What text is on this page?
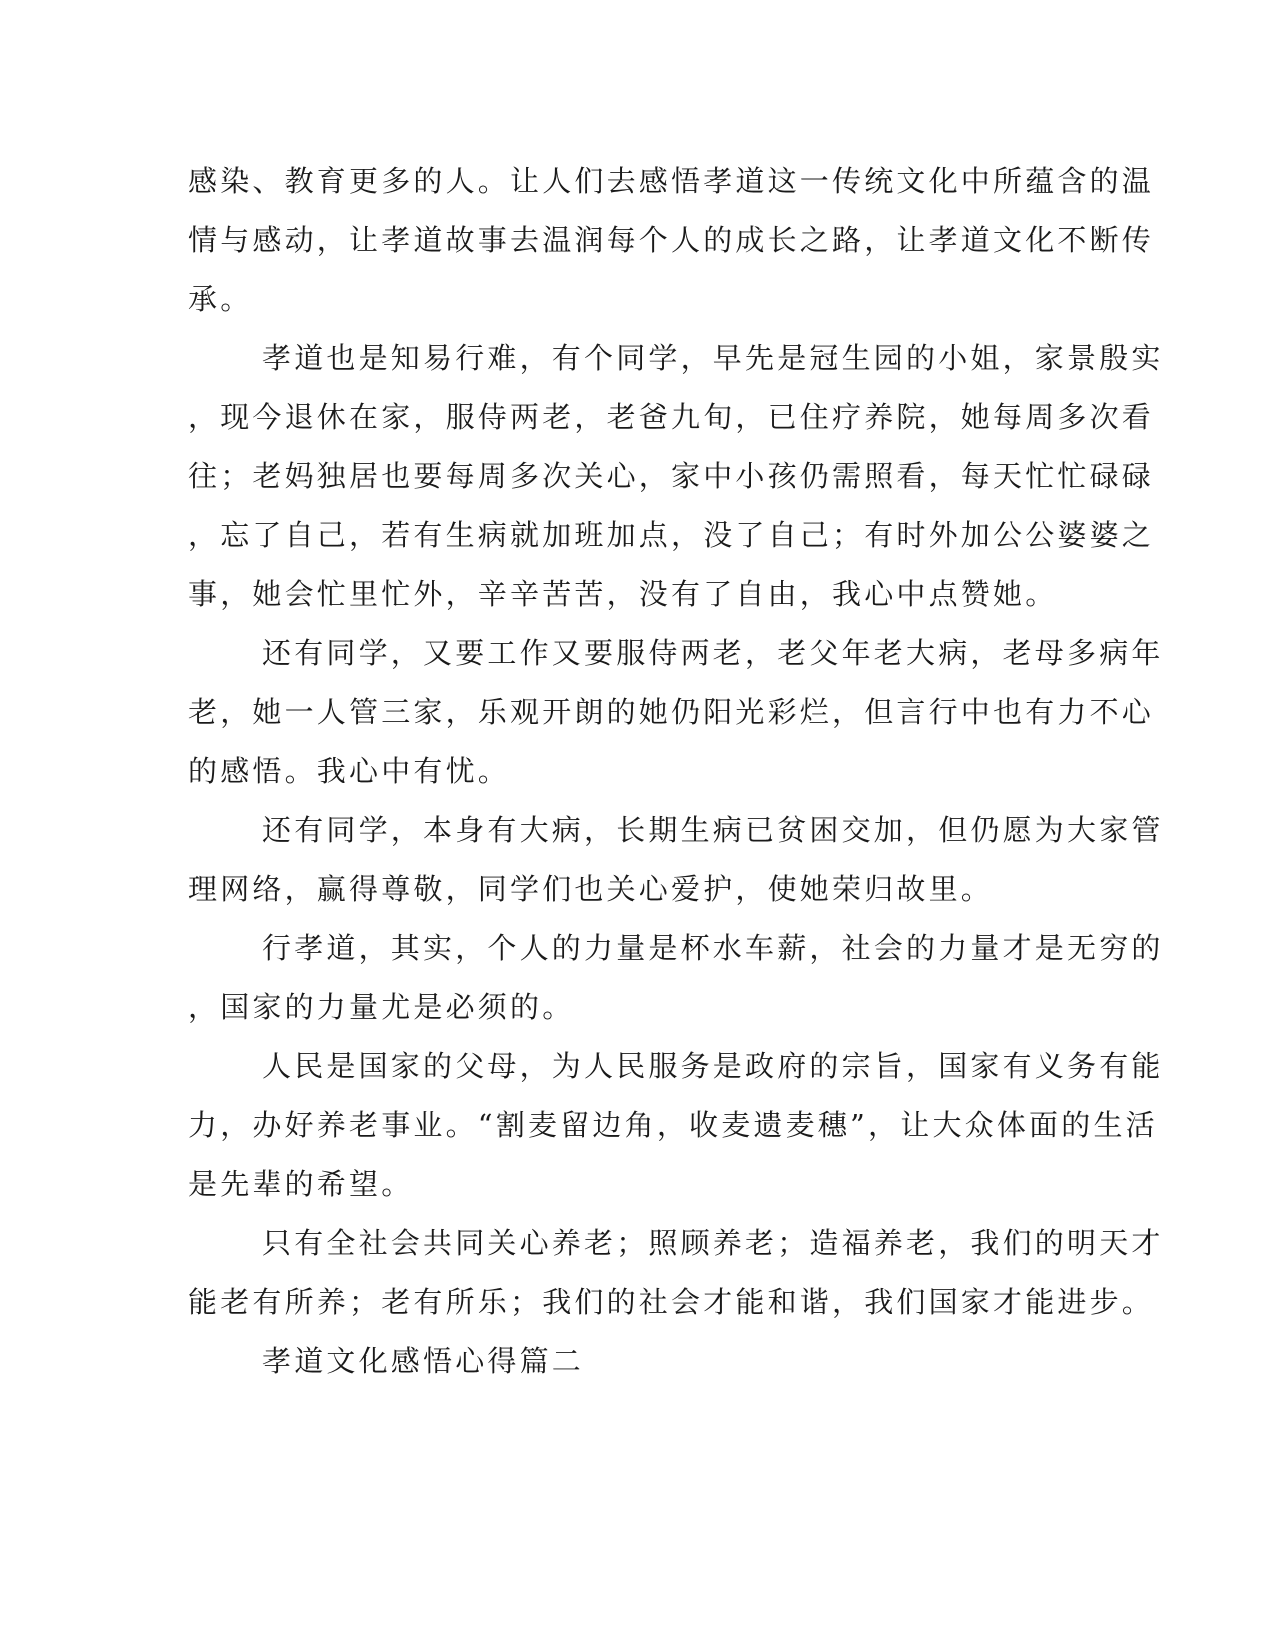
感染、教育更多的人。让人们去感悟孝道这一传统文化中所蕴含的温
情与感动，让孝道故事去温润每个人的成长之路，让孝道文化不断传
承。
孝道也是知易行难，有个同学，早先是冠生园的小姐，家景殷实
，现今退休在家，服侍两老，老爸九旬，已住疗养院，她每周多次看
往；老妈独居也要每周多次关心，家中小孩仍需照看，每天忙忙碌碌
，忘了自己，若有生病就加班加点，没了自己；有时外加公公婆婆之
事，她会忙里忙外，辛辛苦苦，没有了自由，我心中点赞她。
还有同学，又要工作又要服侍两老，老父年老大病，老母多病年
老，她一人管三家，乐观开朗的她仍阳光彩烂，但言行中也有力不心
的感悟。我心中有忧。
还有同学，本身有大病，长期生病已贫困交加，但仍愿为大家管
理网络，赢得尊敬，同学们也关心爱护，使她荣归故里。
行孝道，其实，个人的力量是杯水车薪，社会的力量才是无穷的
，国家的力量尤是必须的。
人民是国家的父母，为人民服务是政府的宗旨，国家有义务有能
力，办好养老事业。“割麦留边角，收麦遗麦穗”，让大众体面的生活
是先辈的希望。
只有全社会共同关心养老；照顾养老；造福养老，我们的明天才
能老有所养；老有所乐；我们的社会才能和谐，我们国家才能进步。
孝道文化感悟心得篇二
